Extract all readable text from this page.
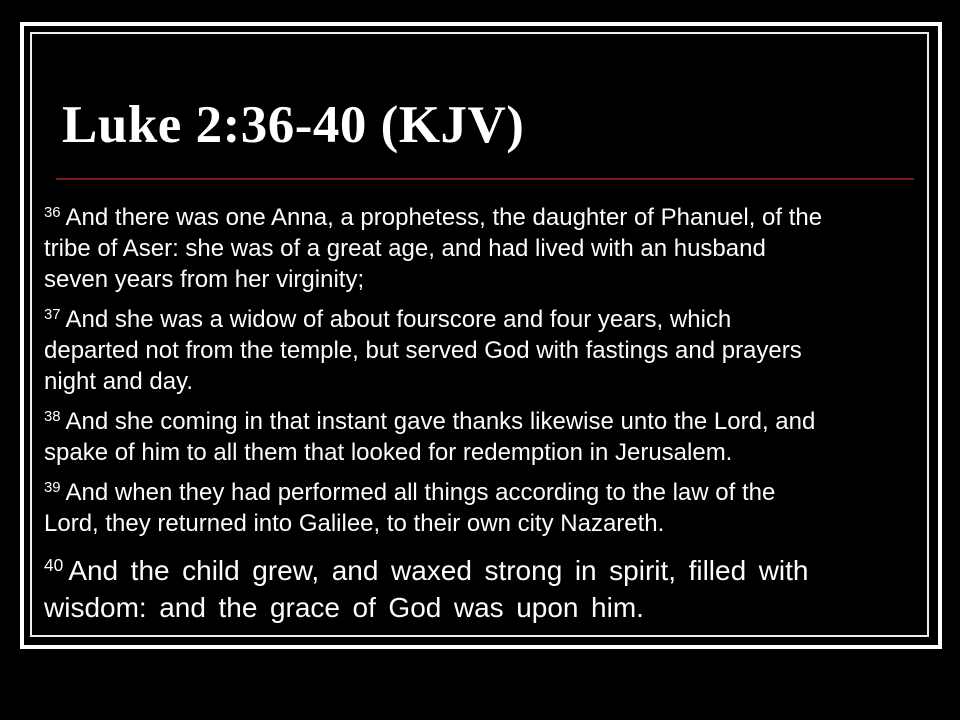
Luke 2:36-40 (KJV)

$^{36}$ And there was one Anna, a prophetess, the daughter of Phanuel, of the
tribe of Aser: she was of a great age, and had lived with an husband
seven years from her virginity;

$^{37}$ And she was a widow of about fourscore and four years, which
departed not from the temple, but served God with fastings and prayers
night and day.

$^{38}$ And she coming in that instant gave thanks likewise unto the Lord, and
spake of him to all them that looked for redemption in Jerusalem.

$^{39}$ And when they had performed all things according to the law of the
Lord, they returned into Galilee, to their own city Nazareth.

$^{40}$ And the child grew, and waxed strong in spirit, filled with
wisdom: and the grace of God was upon him.
